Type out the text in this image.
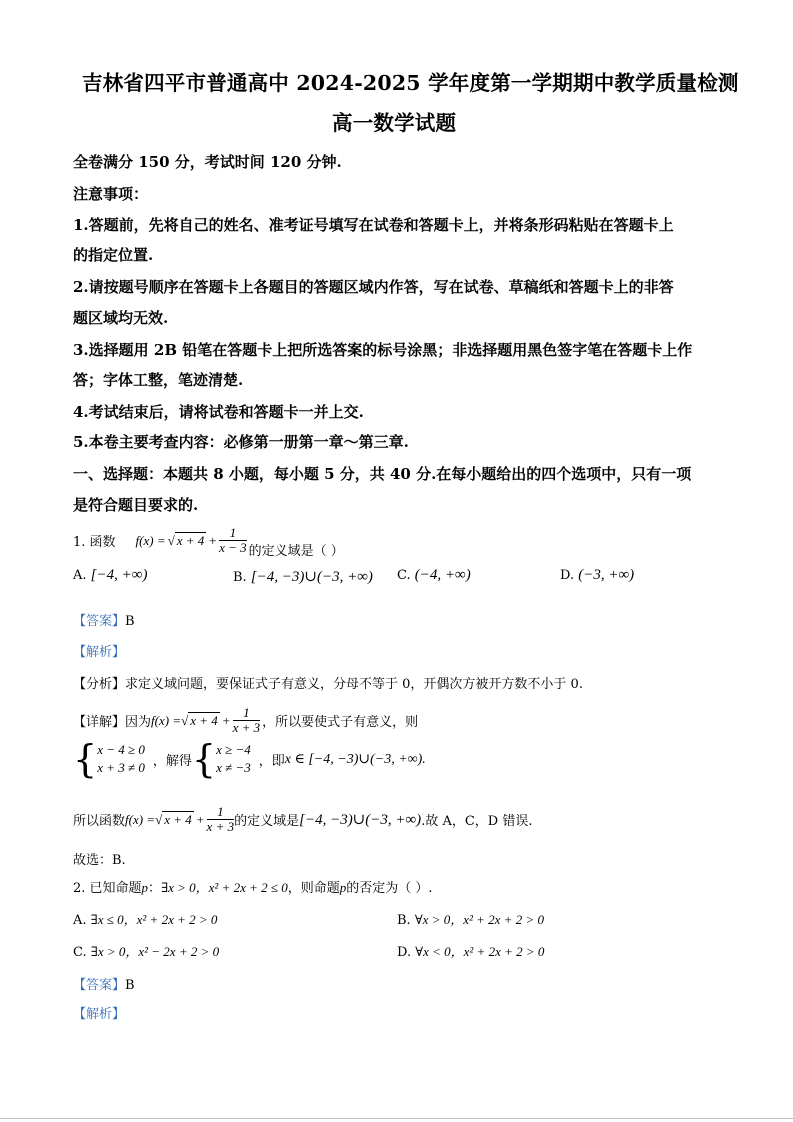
吉林省四平市普通高中 2024-2025 学年度第一学期期中教学质量检测
高一数学试题
全卷满分 150 分，考试时间 120 分钟.
注意事项：
1.答题前，先将自己的姓名、准考证号填写在试卷和答题卡上，并将条形码粘贴在答题卡上
的指定位置.
2.请按题号顺序在答题卡上各题目的答题区域内作答，写在试卷、草稿纸和答题卡上的非答
题区域均无效.
3.选择题用 2B 铅笔在答题卡上把所选答案的标号涂黑；非选择题用黑色签字笔在答题卡上作
答；字体工整，笔迹清楚.
4.考试结束后，请将试卷和答题卡一并上交.
5.本卷主要考查内容：必修第一册第一章～第三章.
一、选择题：本题共 8 小题，每小题 5 分，共 40 分.在每小题给出的四个选项中，只有一项
是符合题目要求的.
1. 函数 f(x) = √ $x + 4 + \frac{1}{x - 3}$ 的定义域是（ ）
A. [−4, +∞)	B. [−4, −3)∪(−3, +∞) C. (−4, +∞)	D. (−3, +∞)
【答案】B
【解析】
【分析】求定义域问题，要保证式子有意义，分母不等于 0，开偶次方被开方数不小于 0.
【详解】 因为 f(x) = √ $x + 4 + \frac{1}{x + 3}$ ，所以要使式子有意义，则
{ x − 4 ≥ 0
x + 3 ≠ 0 ，解得 { x ≥ −4
x ≠ −3 ，即 x ∈ [−4, −3)∪(−3, +∞).
所以函数 f(x) = √ $x + 4 + \frac{1}{x + 3}$ 的定义域是 [−4, −3)∪(−3, +∞) .故 A，C，D 错误.
故选：B.
2. 已知命题p：∃x > 0，x² + 2x + 2 ≤ 0，则命题p的否定为（ ）.
A. ∃x ≤ 0，x² + 2x + 2 > 0	B. ∀x > 0，x² + 2x + 2 > 0
C. ∃x > 0，x² − 2x + 2 > 0	D. ∀x < 0，x² + 2x + 2 > 0
【答案】B
【解析】
